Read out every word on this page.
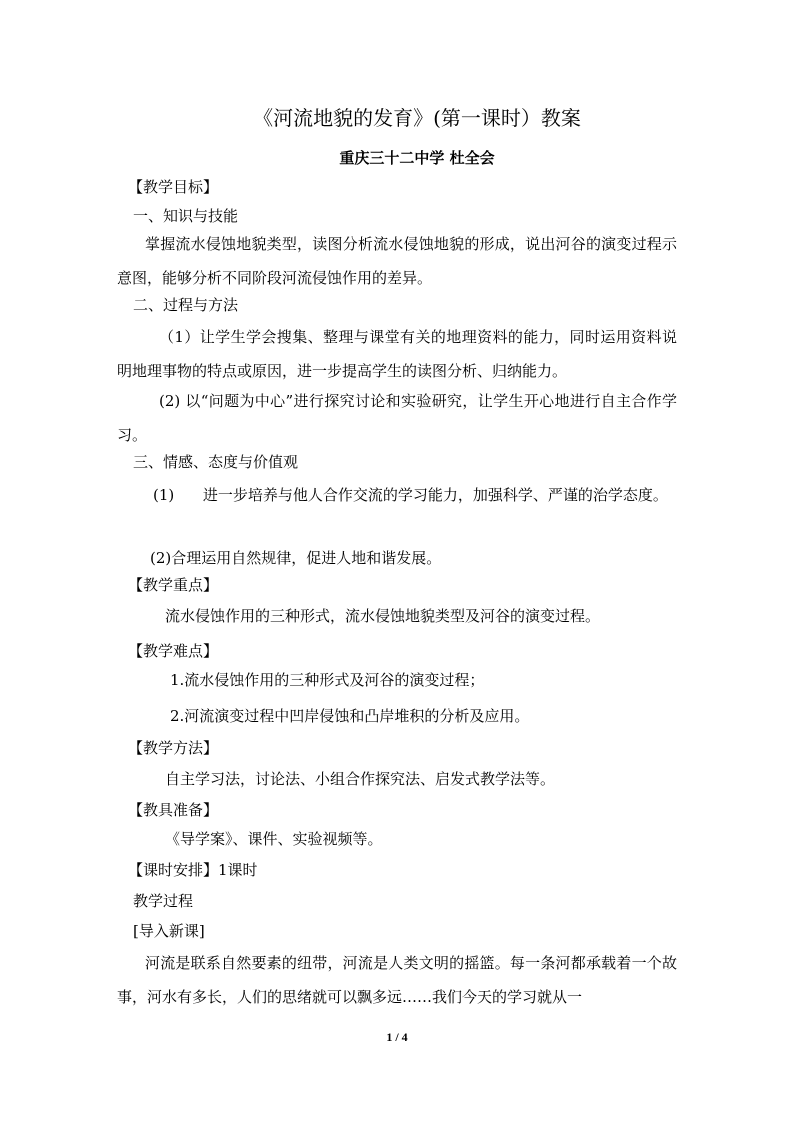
《河流地貌的发育》(第一课时）教案
重庆三十二中学 杜全会
【教学目标】
一、知识与技能
掌握流水侵蚀地貌类型，读图分析流水侵蚀地貌的形成，说出河谷的演变过程示意图，能够分析不同阶段河流侵蚀作用的差异。
二、过程与方法
（1）让学生学会搜集、整理与课堂有关的地理资料的能力，同时运用资料说明地理事物的特点或原因，进一步提高学生的读图分析、归纳能力。
(2) 以“问题为中心”进行探究讨论和实验研究，让学生开心地进行自主合作学习。
三、情感、态度与价值观
(1)      进一步培养与他人合作交流的学习能力，加强科学、严谨的治学态度。
(2)合理运用自然规律，促进人地和谐发展。
【教学重点】
流水侵蚀作用的三种形式，流水侵蚀地貌类型及河谷的演变过程。
【教学难点】
1.流水侵蚀作用的三种形式及河谷的演变过程；
2.河流演变过程中凹岸侵蚀和凸岸堆积的分析及应用。
【教学方法】
自主学习法，讨论法、小组合作探究法、启发式教学法等。
【教具准备】
《导学案》、课件、实验视频等。
【课时安排】1课时
教学过程
[导入新课]
河流是联系自然要素的纽带，河流是人类文明的摇篮。每一条河都承载着一个故事，河水有多长，人们的思绪就可以飘多远……我们今天的学习就从一
1 / 4
